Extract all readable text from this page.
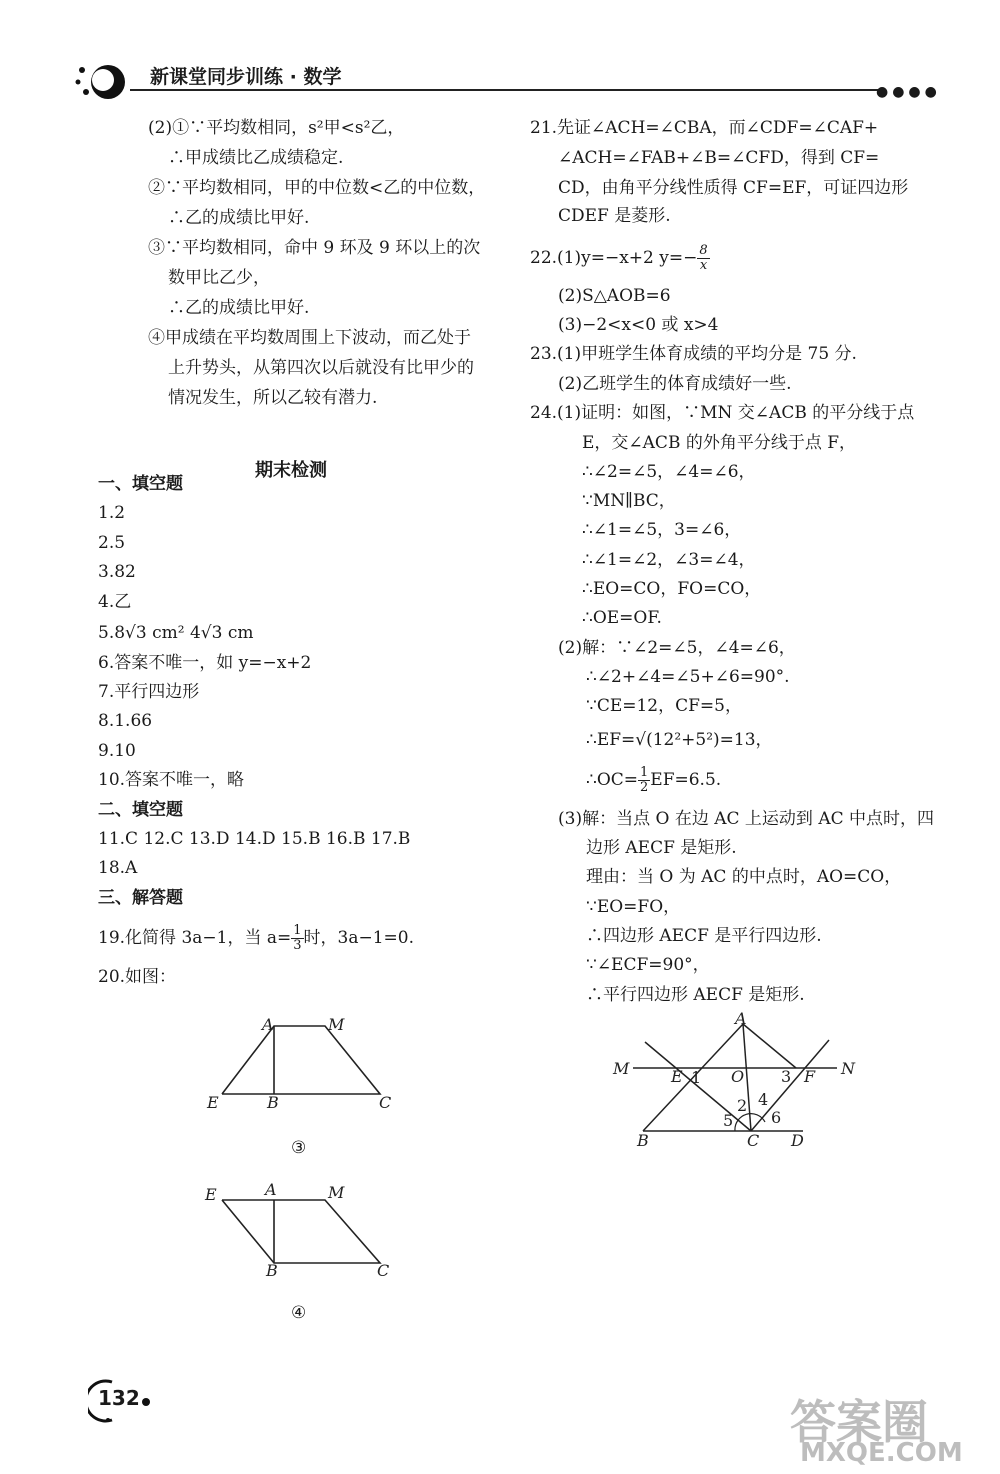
新课堂同步训练 · 数学
●●●●
(2)①∵平均数相同，s²甲<s²乙，
∴甲成绩比乙成绩稳定.
②∵平均数相同，甲的中位数<乙的中位数，
∴乙的成绩比甲好.
③∵平均数相同，命中 9 环及 9 环以上的次
数甲比乙少，
∴乙的成绩比甲好.
④甲成绩在平均数周围上下波动，而乙处于
上升势头，从第四次以后就没有比甲少的
情况发生，所以乙较有潜力.
期末检测
一、填空题
1.2
2.5
3.82
4.乙
5.8√3 cm² 4√3 cm
6.答案不唯一，如 y=−x+2
7.平行四边形
8.1.66
9.10
10.答案不唯一，略
二、填空题
11.C 12.C 13.D 14.D 15.B 16.B 17.B
18.A
三、解答题
19.化简得 3a−1，当 $a= \frac{1}{3}$ 时，3a−1=0.
20.如图：
A	M
E	B	C
③
E	A	M
B	C
④
21.先证∠ACH=∠CBA，而∠CDF=∠CAF+
∠ACH=∠FAB+∠B=∠CFD，得到 CF=
CD，由角平分线性质得 CF=EF，可证四边形
CDEF 是菱形.
22.(1)y=−x+2 $y=- \frac{8}{x}$
(2)S△AOB=6
(3)−2<x<0 或 x>4
23.(1)甲班学生体育成绩的平均分是 75 分.
(2)乙班学生的体育成绩好一些.
24.(1)证明：如图，∵MN 交∠ACB 的平分线于点
E，交∠ACB 的外角平分线于点 F，
∴∠2=∠5，∠4=∠6，
∵MN∥BC，
∴∠1=∠5，3=∠6，
∴∠1=∠2，∠3=∠4，
∴EO=CO，FO=CO，
∴OE=OF.
(2)解：∵∠2=∠5，∠4=∠6，
∴∠2+∠4=∠5+∠6=90°.
∵CE=12，CF=5，
∴EF=√(12²+5²)=13，
∴OC= $\frac{1}{2} EF=6.5$.
(3)解：当点 O 在边 AC 上运动到 AC 中点时，四
边形 AECF 是矩形.
理由：当 O 为 AC 的中点时，AO=CO，
∵EO=FO，
∴四边形 AECF 是平行四边形.
∵∠ECF=90°，
∴平行四边形 AECF 是矩形.
A
M	N
E 1 O 3 F
2 4
5 6
B	C D
132	答案圈
MXQE.COM
